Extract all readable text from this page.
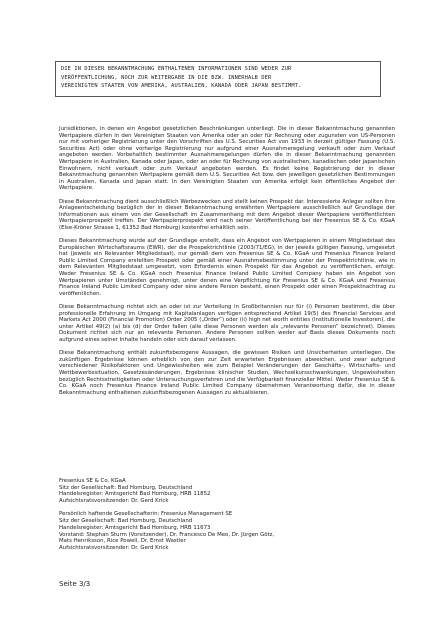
DIE IN DIESER BEKANNTMACHUNG ENTHALTENEN INFORMATIONEN SIND WEDER ZUR
VERÖFFENTLICHUNG, NOCH ZUR WEITERGABE IN DIE BZW. INNERHALB DER
VEREINIGTEN STAATEN VON AMERIKA, AUSTRALIEN, KANADA ODER JAPAN BESTIMMT.

Jurisdiktionen, in denen ein Angebot gesetzlichen Beschränkungen unterliegt. Die in dieser Bekanntmachung genannten Wertpapiere dürfen in den Vereinigten Staaten von Amerika oder an oder für Rechnung oder zugunsten von US-Personen nur mit vorheriger Registrierung unter den Vorschriften des U.S. Securities Act von 1933 in derzeit gültiger Fassung (U.S. Securities Act) oder ohne vorherige Registrierung nur aufgrund einer Ausnahmeregelung verkauft oder zum Verkauf angeboten werden. Vorbehaltlich bestimmter Ausnahmeregelungen dürfen die in dieser Bekanntmachung genannten Wertpapiere in Australien, Kanada oder Japan, oder an oder für Rechnung von australischen, kanadischen oder japanischen Einwohnern, nicht verkauft oder zum Verkauf angeboten werden. Es findet keine Registrierung der in dieser Bekanntmachung genannten Wertpapiere gemäß dem U.S. Securities Act bzw. den jeweiligen gesetzlichen Bestimmungen in Australien, Kanada und Japan statt. In den Vereinigten Staaten von Amerika erfolgt kein öffentliches Angebot der Wertpapiere.

Diese Bekanntmachung dient ausschließlich Werbezwecken und stellt keinen Prospekt dar. Interessierte Anleger sollten ihre Anlageentscheidung bezüglich der in dieser Bekanntmachung erwähnten Wertpapiere ausschließlich auf Grundlage der Informationen aus einem von der Gesellschaft im Zusammenhang mit dem Angebot dieser Wertpapiere veröffentlichten Wertpapierprospekt treffen. Der Wertpapierprospekt wird nach seiner Veröffentlichung bei der Fresenius SE & Co. KGaA (Else-Kröner Strasse 1, 61352 Bad Homburg) kostenfrei erhältlich sein.

Dieses Bekanntmachung wurde auf der Grundlage erstellt, dass ein Angebot von Wertpapieren in einem Mitgliedstaat des Europäischen Wirtschaftsraums (EWR), der die Prospektrichtlinie (2003/71/EG), in der jeweils gültigen Fassung, umgesetzt hat (jeweils ein Relevanter Mitgliedstaat), nur gemäß dem von Fresenius SE & Co. KGaA und Fresenius Finance Ireland Public Limited Company erstellten Prospekt oder gemäß einer Ausnahmebestimmung unter der Prospektrichtlinie, wie in dem Relevanten Mitgliedstaat umgesetzt, vom Erfordernis einen Prospekt für das Angebot zu veröffentlichen, erfolgt. Weder Fresenius SE & Co. KGaA noch Fresenius Finance Ireland Public Limited Company haben ein Angebot von Wertpapieren unter Umständen genehmigt, unter denen eine Verpflichtung für Fresenius SE & Co. KGaA und Fresenius Finance Ireland Public Limited Company oder eine andere Person besteht, einen Prospekt oder einen Prospektnachtrag zu veröffentlichen.

Diese Bekanntmachung richtet sich an oder ist zur Verteilung in Großbritannien nur für (i) Personen bestimmt, die über professionelle Erfahrung im Umgang mit Kapitalanlagen verfügen entsprechend Artikel 19(5) des Financial Services and Markets Act 2000 (Financial Promotion) Order 2005 („Order“) oder (ii) high net worth entities (Institutionelle Investoren), die unter Artikel 49(2) (a) bis (d) der Order fallen (alle diese Personen werden als „relevante Personen“ bezeichnet). Dieses Dokument richtet sich nur an relevante Personen. Andere Personen sollten weder auf Basis dieses Dokuments noch aufgrund eines seiner Inhalte handeln oder sich darauf verlassen.

Diese Bekanntmachung enthält zukunftsbezogene Aussagen, die gewissen Risiken und Unsicherheiten unterliegen. Die zukünftigen Ergebnisse können erheblich von den zur Zeit erwarteten Ergebnissen abweichen, und zwar aufgrund verschiedener Risikofaktoren und Ungewissheiten wie zum Beispiel Veränderungen der Geschäfts-, Wirtschafts- und Wettbewerbssituation, Gesetzesänderungen, Ergebnisse klinischer Studien, Wechselkursschwankungen, Ungewissheiten bezüglich Rechtsstreitigkeiten oder Untersuchungsverfahren und die Verfügbarkeit finanzieller Mittel. Weder Fresenius SE & Co. KGaA noch Fresenius Finance Ireland Public Limited Company übernehmen Verantwortung dafür, die in dieser Bekanntmachung enthaltenen zukunftsbezogenen Aussagen zu aktualisieren.

Fresenius SE & Co. KGaA
Sitz der Gesellschaft: Bad Homburg, Deutschland
Handelsregister: Amtsgericht Bad Homburg, HRB 11852
Aufsichtsratsvorsitzender: Dr. Gerd Krick
Persönlich haftende Gesellschafterin: Fresenius Management SE
Sitz der Gesellschaft: Bad Homburg, Deutschland
Handelsregister: Amtsgericht Bad Homburg, HRB 11673
Vorstand: Stephan Sturm (Vorsitzender), Dr. Francesco De Meo, Dr. Jürgen Götz,
Mats Henriksson, Rice Powell, Dr. Ernst Wastler
Aufsichtsratsvorsitzender: Dr. Gerd Krick
Seite 3/3
